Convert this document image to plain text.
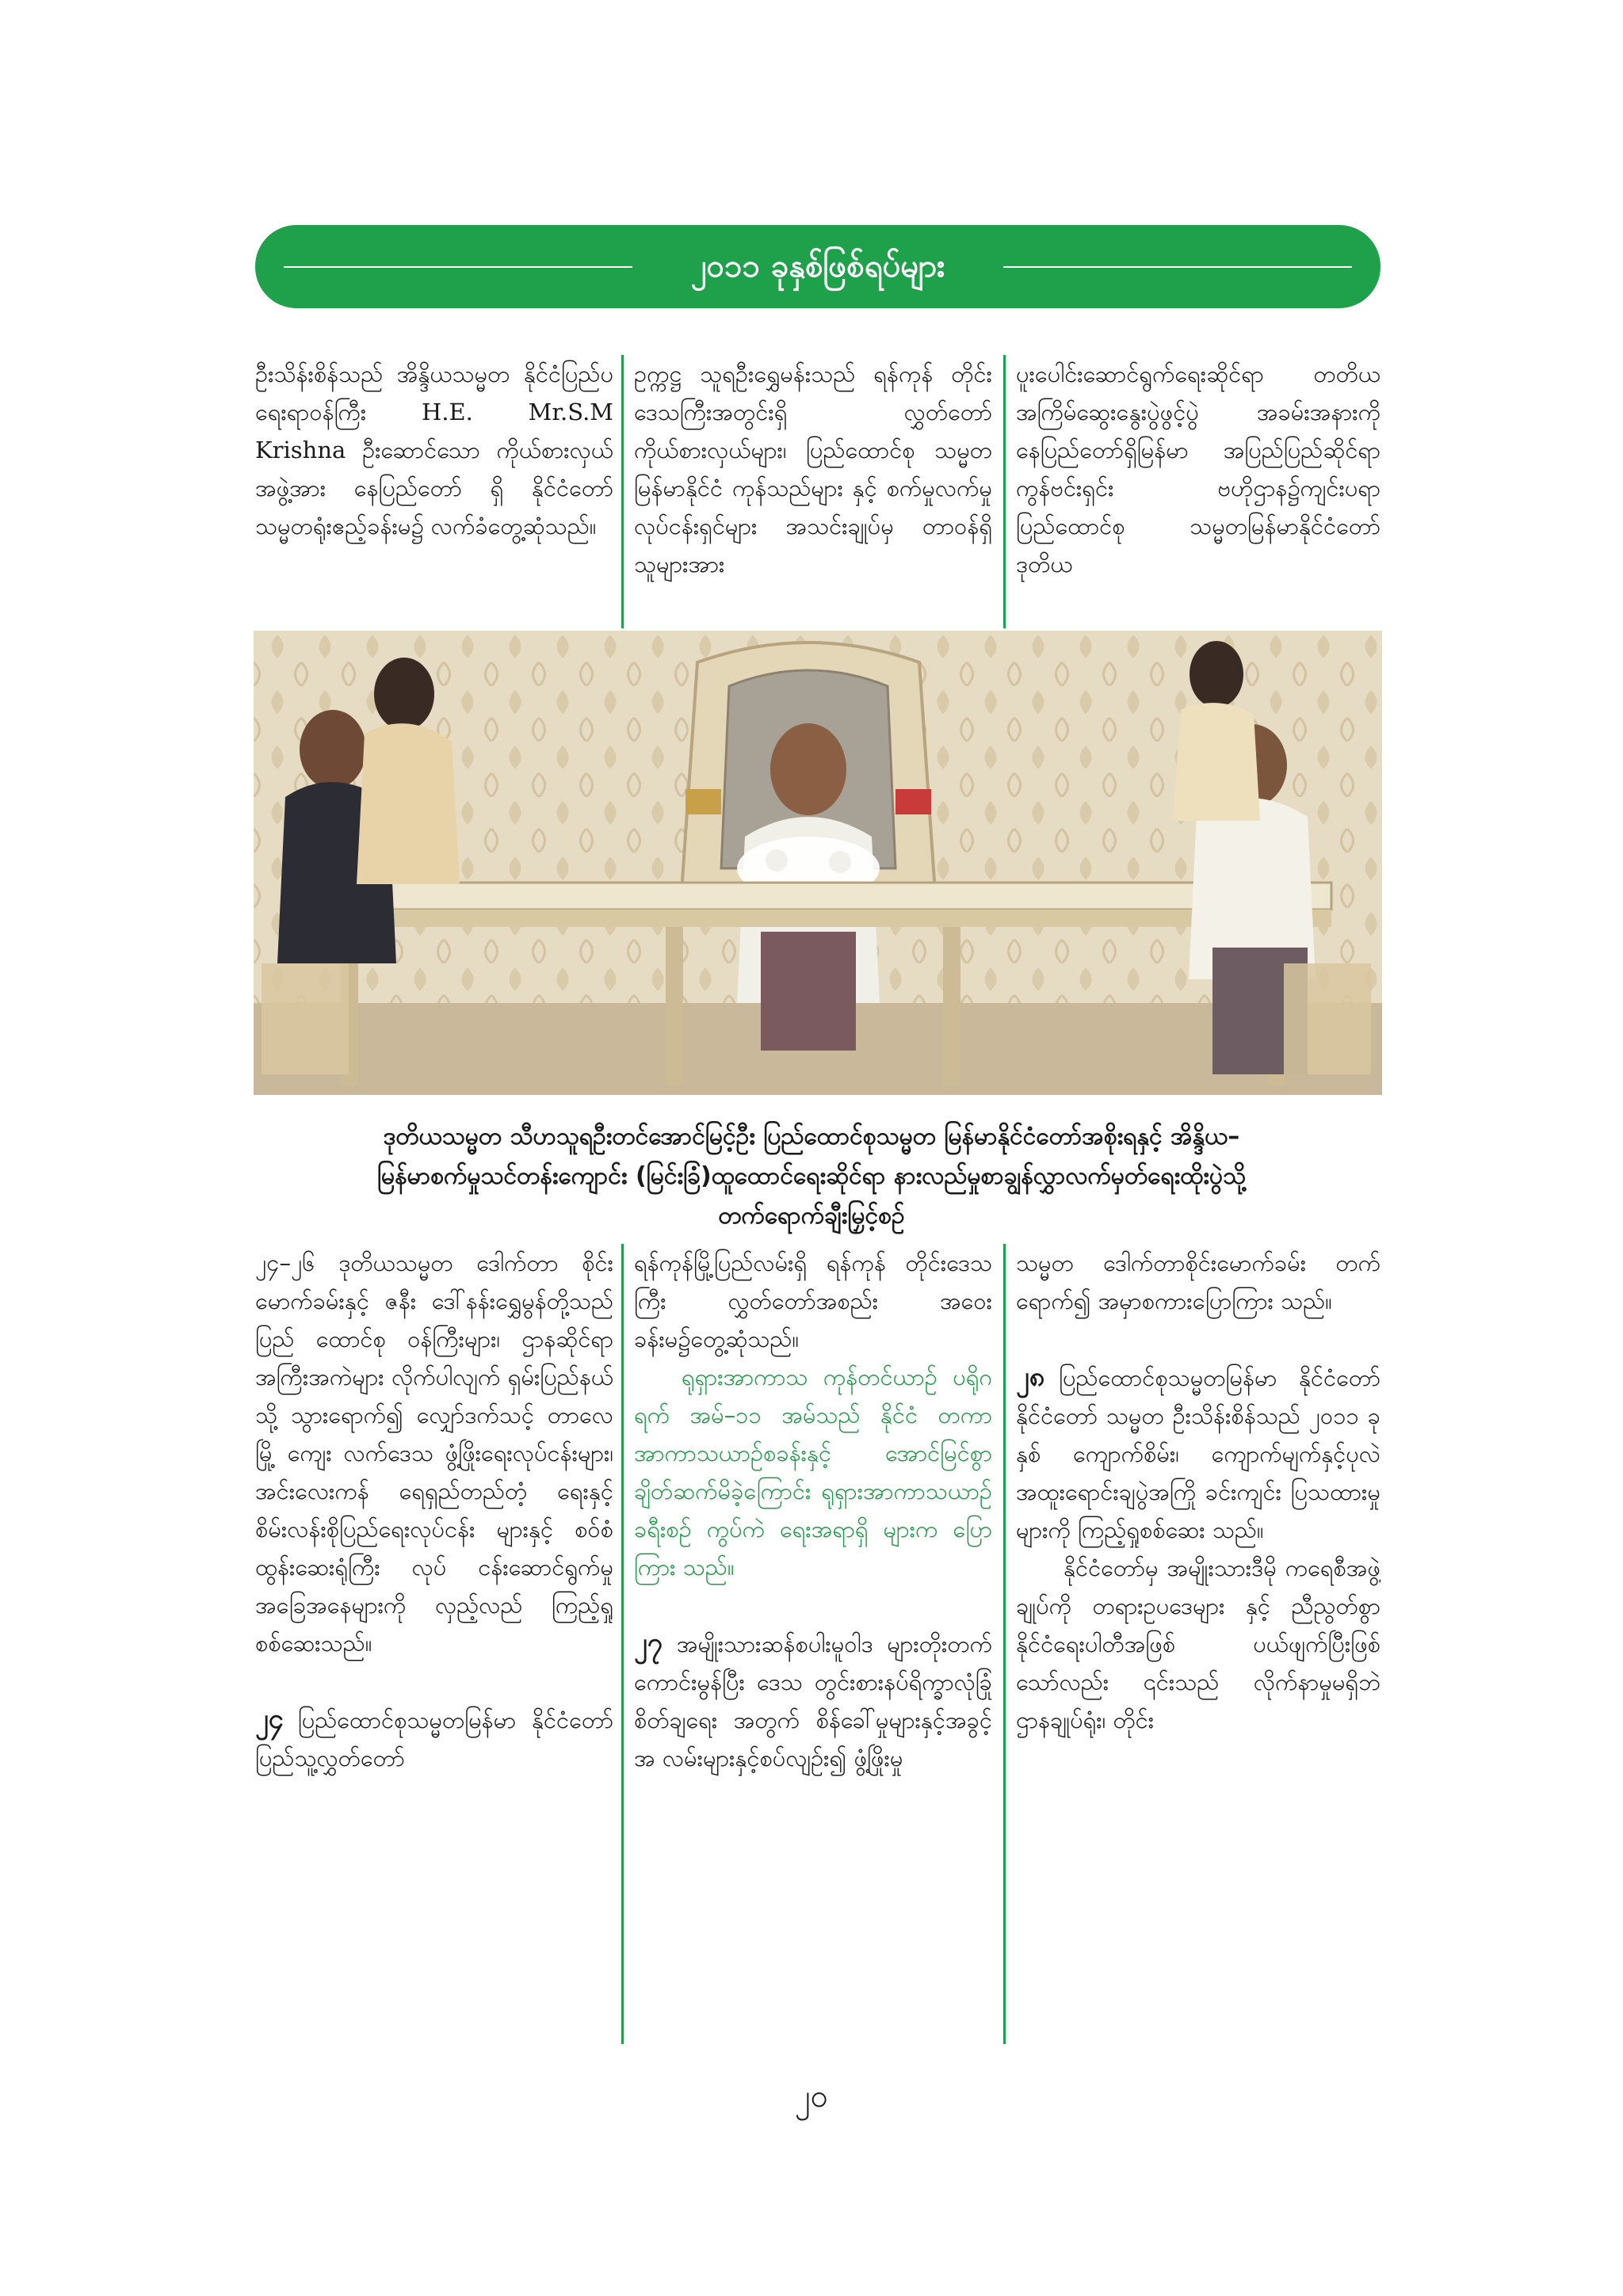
၂၀၁၁ ခုနှစ်ဖြစ်ရပ်များ

ဦးသိန်းစိန်သည် အိန္ဒိယသမ္မတ နိုင်ငံပြည်ပရေးရာဝန်ကြီး H.E. Mr.S.M Krishna ဦးဆောင်သော ကိုယ်စားလှယ်အဖွဲ့အား နေပြည်တော် ရှိ နိုင်ငံတော် သမ္မတရုံးဧည့်ခန်းမ၌ လက်ခံတွေ့ဆုံသည်။

ဥက္ကဋ္ဌ သူရဦးရွှေမန်းသည် ရန်ကုန် တိုင်းဒေသကြီးအတွင်းရှိ လွှတ်တော် ကိုယ်စားလှယ်များ၊ ပြည်ထောင်စု သမ္မတမြန်မာနိုင်ငံ ကုန်သည်များ နှင့် စက်မှုလက်မှုလုပ်ငန်းရှင်များ အသင်းချုပ်မှ တာဝန်ရှိသူများအား

ပူးပေါင်းဆောင်ရွက်ရေးဆိုင်ရာ တတိယအကြိမ်ဆွေးနွေးပွဲဖွင့်ပွဲ အခမ်းအနားကို နေပြည်တော်ရှိမြန်မာ အပြည်ပြည်ဆိုင်ရာ ကွန်ဗင်းရှင်း ဗဟိုဌာန၌ကျင်းပရာ ပြည်ထောင်စု သမ္မတမြန်မာနိုင်ငံတော် ဒုတိယ

ဒုတိယသမ္မတ သီဟသူရဦးတင်အောင်မြင့်ဦး ပြည်ထောင်စုသမ္မတ မြန်မာနိုင်ငံတော်အစိုးရနှင့် အိန္ဒိယ–
မြန်မာစက်မှုသင်တန်းကျောင်း (မြင်းခြံ)ထူထောင်ရေးဆိုင်ရာ နားလည်မှုစာချွန်လွှာလက်မှတ်ရေးထိုးပွဲသို့
တက်ရောက်ချီးမြှင့်စဉ်

၂၄–၂၆ ဒုတိယသမ္မတ ဒေါက်တာ စိုင်းမောက်ခမ်းနှင့် ဇနီး ဒေါ်နန်းရွှေမွန်တို့သည် ပြည် ထောင်စု ဝန်ကြီးများ၊ ဌာနဆိုင်ရာ အကြီးအကဲများ လိုက်ပါလျက် ရှမ်းပြည်နယ်သို့ သွားရောက်၍ လျှော်ဒက်သင့် တာလေမြို့ ကျေး လက်ဒေသ ဖွံ့ဖြိုးရေးလုပ်ငန်းများ၊ အင်းလေးကန် ရေရှည်တည်တံ့ ရေးနှင့်စိမ်းလန်းစိုပြည်ရေးလုပ်ငန်း များနှင့် စဝ်စံထွန်းဆေးရုံကြီး လုပ် ငန်းဆောင်ရွက်မှု အခြေအနေများကို လှည့်လည် ကြည့်ရှုစစ်ဆေးသည်။

၂၄ ပြည်ထောင်စုသမ္မတမြန်မာ နိုင်ငံတော် ပြည်သူ့လွှတ်တော်

ရန်ကုန်မြို့ပြည်လမ်းရှိ ရန်ကုန် တိုင်းဒေသကြီး လွှတ်တော်အစည်း အဝေးခန်းမ၌တွေ့ဆုံသည်။

ရုရှားအာကာသ ကုန်တင်ယာဉ် ပရိုဂရက် အမ်–၁၁ အမ်သည် နိုင်ငံ တကာအာကာသယာဉ်စခန်းနှင့် အောင်မြင်စွာ ချိတ်ဆက်မိခဲ့ကြောင်း ရုရှားအာကာသယာဉ်ခရီးစဉ် ကွပ်ကဲ ရေးအရာရှိ များက ပြောကြား သည်။

၂၇ အမျိုးသားဆန်စပါးမူဝါဒ များတိုးတက်ကောင်းမွန်ပြီး ဒေသ တွင်းစားနပ်ရိက္ခာလုံခြုံစိတ်ချရေး အတွက် စိန်ခေါ်မှုများနှင့်အခွင့်အ လမ်းများနှင့်စပ်လျဉ်း၍ ဖွံ့ဖြိုးမှု

သမ္မတ ဒေါက်တာစိုင်းမောက်ခမ်း တက်ရောက်၍ အမှာစကားပြောကြား သည်။

၂၈ ပြည်ထောင်စုသမ္မတမြန်မာ နိုင်ငံတော် နိုင်ငံတော် သမ္မတ ဦးသိန်းစိန်သည် ၂၀၁၁ ခုနှစ် ကျောက်စိမ်း၊ ကျောက်မျက်နှင့်ပုလဲ အထူးရောင်းချပွဲအကြို ခင်းကျင်း ပြသထားမှုများကို ကြည့်ရှုစစ်ဆေး သည်။

နိုင်ငံတော်မှ အမျိုးသားဒီမို ကရေစီအဖွဲ့ချုပ်ကို တရားဥပဒေများ နှင့် ညီညွတ်စွာနိုင်ငံရေးပါတီအဖြစ် ပယ်ဖျက်ပြီးဖြစ်သော်လည်း ၎င်းသည် လိုက်နာမှုမရှိဘဲ ဌာနချုပ်ရုံး၊ တိုင်း

၂၀
